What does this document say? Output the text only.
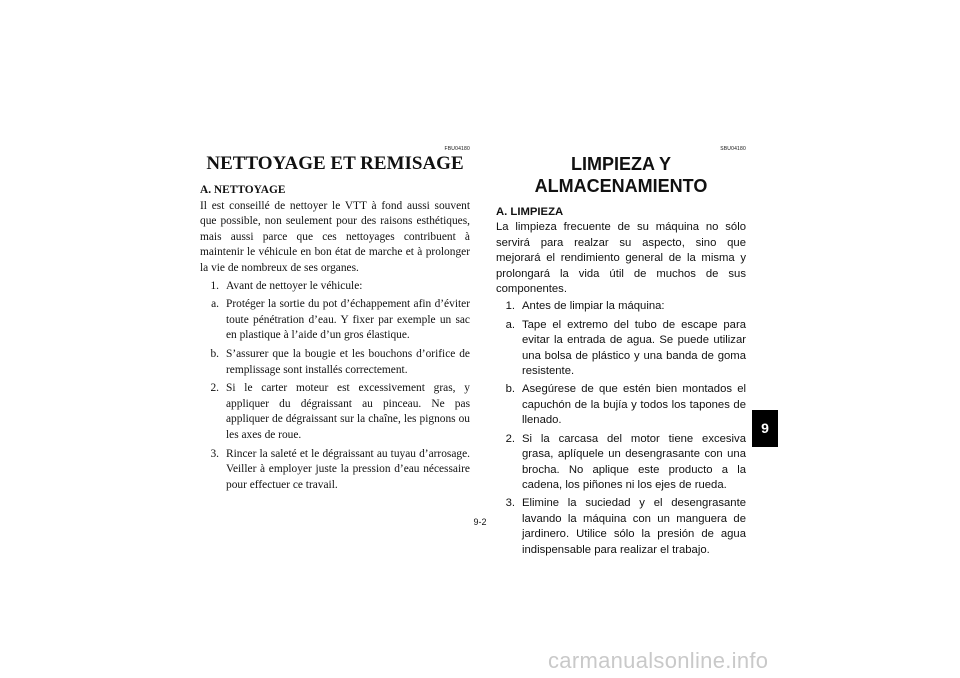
FBU04180
NETTOYAGE ET REMISAGE

A. NETTOYAGE

Il est conseillé de nettoyer le VTT à fond aussi souvent que possible, non seulement pour des raisons esthétiques, mais aussi parce que ces nettoyages contribuent à maintenir le véhicule en bon état de marche et à prolonger la vie de nombreux de ses organes.

1. Avant de nettoyer le véhicule:
a. Protéger la sortie du pot d’échappement afin d’éviter toute pénétration d’eau. Y fixer par exemple un sac en plastique à l’aide d’un gros élastique.
b. S’assurer que la bougie et les bouchons d’orifice de remplissage sont installés correctement.
2. Si le carter moteur est excessivement gras, y appliquer du dégraissant au pinceau. Ne pas appliquer de dégraissant sur la chaîne, les pignons ou les axes de roue.
3. Rincer la saleté et le dégraissant au tuyau d’arrosage. Veiller à employer juste la pression d’eau nécessaire pour effectuer ce travail.
SBU04180
LIMPIEZA Y ALMACENAMIENTO

A. LIMPIEZA

La limpieza frecuente de su máquina no sólo servirá para realzar su aspecto, sino que mejorará el rendimiento general de la misma y prolongará la vida útil de muchos de sus componentes.

1. Antes de limpiar la máquina:
a. Tape el extremo del tubo de escape para evitar la entrada de agua. Se puede utilizar una bolsa de plástico y una banda de goma resistente.
b. Asegúrese de que estén bien montados el capuchón de la bujía y todos los tapones de llenado.
2. Si la carcasa del motor tiene excesiva grasa, aplíquele un desengrasante con una brocha. No aplique este producto a la cadena, los piñones ni los ejes de rueda.
3. Elimine la suciedad y el desengrasante lavando la máquina con un manguera de jardinero. Utilice sólo la presión de agua indispensable para realizar el trabajo.
9-2
9
carmanualsonline.info
